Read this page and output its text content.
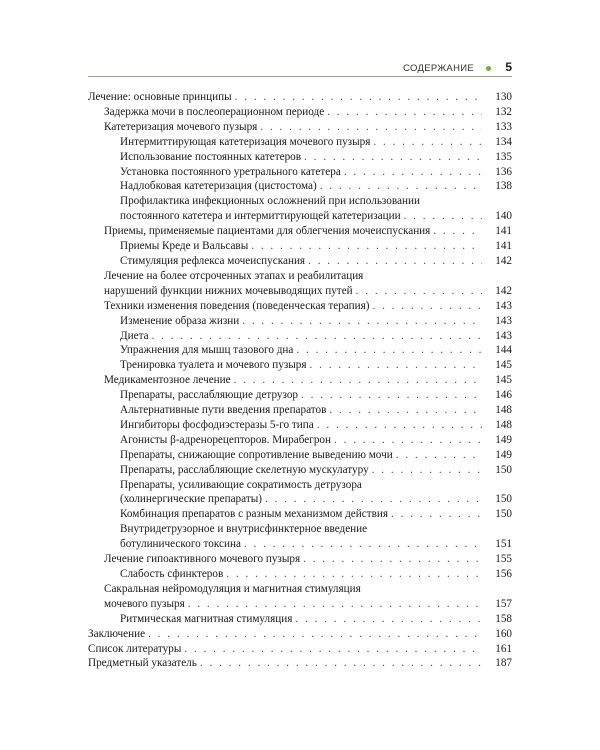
СОДЕРЖАНИЕ	5
Лечение: основные принципы . . .	130
Задержка мочи в послеоперационном периоде . . .	132
Катетеризация мочевого пузыря . . .	133
Интермиттирующая катетеризация мочевого пузыря . . .	134
Использование постоянных катетеров . . .	135
Установка постоянного уретрального катетера . . .	136
Надлобковая катетеризация (цистостома) . . .	138
Профилактика инфекционных осложнений при использовании
постоянного катетера и интермиттирующей катетеризации . . .	140
Приемы, применяемые пациентами для облегчения мочеиспускания . . .	141
Приемы Креде и Вальсавы . . .	141
Стимуляция рефлекса мочеиспускания . . .	142
Лечение на более отсроченных этапах и реабилитация
нарушений функции нижних мочевыводящих путей . . .	142
Техники изменения поведения (поведенческая терапия) . . .	143
Изменение образа жизни . . .	143
Диета . . .	143
Упражнения для мышц тазового дна . . .	144
Тренировка туалета и мочевого пузыря . . .	145
Медикаментозное лечение . . .	145
Препараты, расслабляющие детрузор . . .	146
Альтернативные пути введения препаратов . . .	148
Ингибиторы фосфодиэстеразы 5-го типа . . .	148
Агонисты β-адренорецепторов. Мирабегрон . . .	149
Препараты, снижающие сопротивление выведению мочи . . .	149
Препараты, расслабляющие скелетную мускулатуру . . .	150
Препараты, усиливающие сократимость детрузора
(холинергические препараты) . . .	150
Комбинация препаратов с разным механизмом действия . . .	150
Внутридетрузорное и внутрисфинктерное введение
ботулинического токсина . . .	151
Лечение гипоактивного мочевого пузыря . . .	155
Слабость сфинктеров . . .	156
Сакральная нейромодуляция и магнитная стимуляция
мочевого пузыря . . .	157
Ритмическая магнитная стимуляция . . .	158
Заключение . . .	160
Список литературы . . .	161
Предметный указатель . . .	187
